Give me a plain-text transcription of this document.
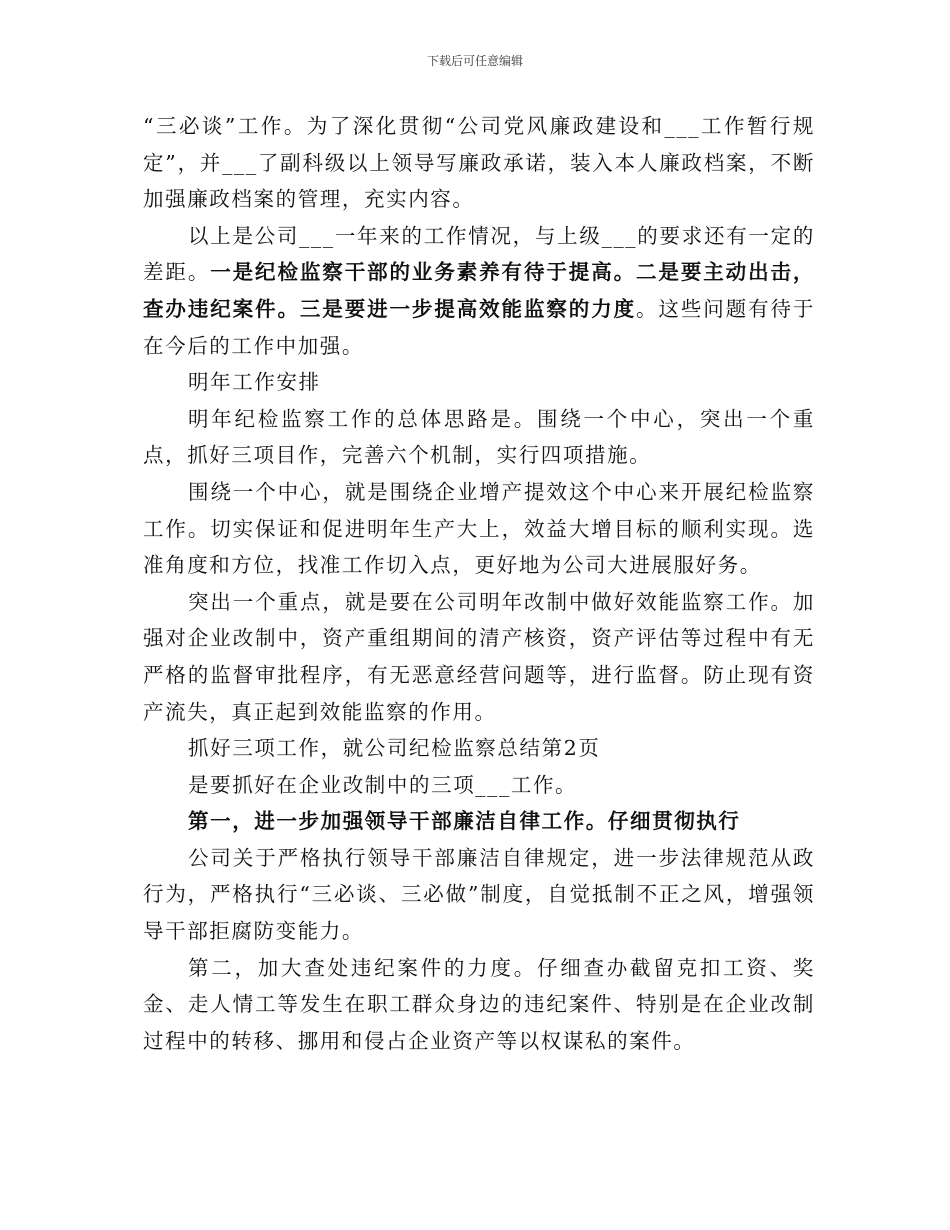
下载后可任意编辑

“三必谈”工作。为了深化贯彻“公司党风廉政建设和___工作暂行规定”，并___了副科级以上领导写廉政承诺，装入本人廉政档案，不断加强廉政档案的管理，充实内容。

以上是公司___一年来的工作情况，与上级___的要求还有一定的差距。一是纪检监察干部的业务素养有待于提高。二是要主动出击，查办违纪案件。三是要进一步提高效能监察的力度。这些问题有待于在今后的工作中加强。

明年工作安排

明年纪检监察工作的总体思路是。围绕一个中心，突出一个重点，抓好三项目作，完善六个机制，实行四项措施。

围绕一个中心，就是围绕企业增产提效这个中心来开展纪检监察工作。切实保证和促进明年生产大上，效益大增目标的顺利实现。选准角度和方位，找准工作切入点，更好地为公司大进展服好务。

突出一个重点，就是要在公司明年改制中做好效能监察工作。加强对企业改制中，资产重组期间的清产核资，资产评估等过程中有无严格的监督审批程序，有无恶意经营问题等，进行监督。防止现有资产流失，真正起到效能监察的作用。

抓好三项工作，就公司纪检监察总结第2页

是要抓好在企业改制中的三项___工作。

第一，进一步加强领导干部廉洁自律工作。仔细贯彻执行

公司关于严格执行领导干部廉洁自律规定，进一步法律规范从政行为，严格执行“三必谈、三必做”制度，自觉抵制不正之风，增强领导干部拒腐防变能力。

第二，加大查处违纪案件的力度。仔细查办截留克扣工资、奖金、走人情工等发生在职工群众身边的违纪案件、特别是在企业改制过程中的转移、挪用和侵占企业资产等以权谋私的案件。
